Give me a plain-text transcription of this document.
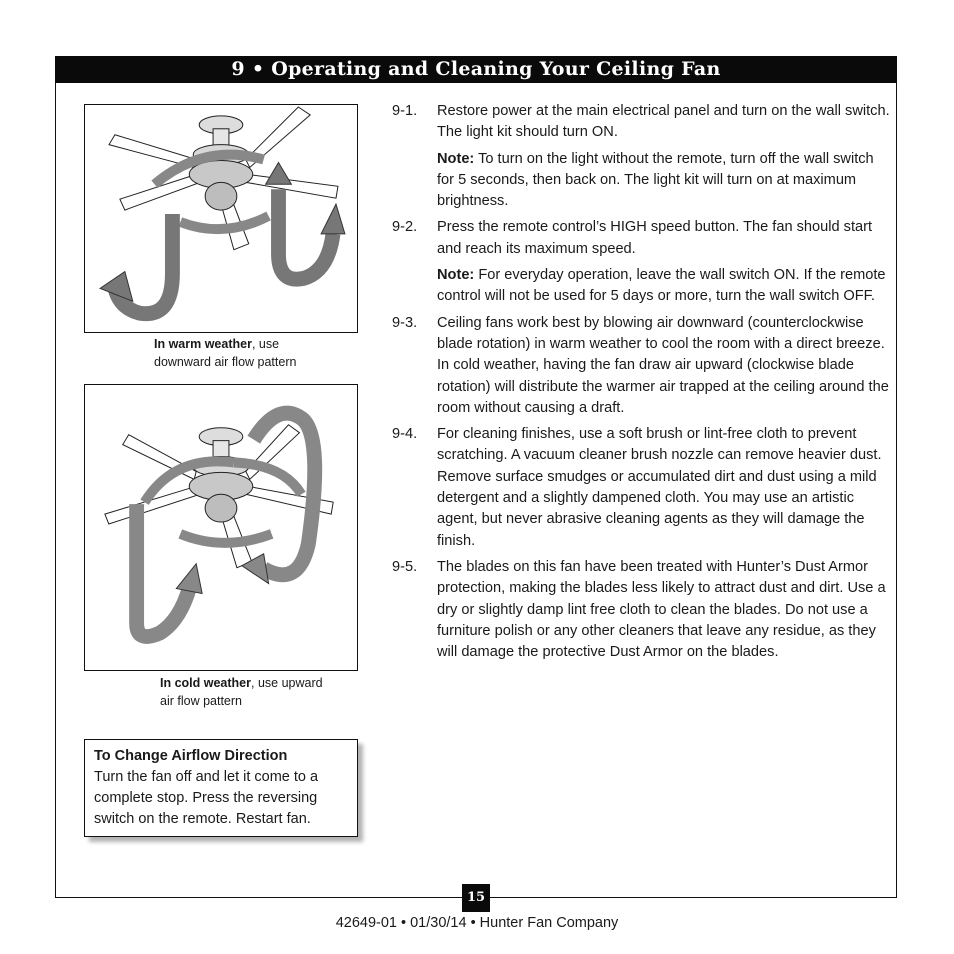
9 • Operating and Cleaning Your Ceiling Fan
In warm weather, use
downward air flow pattern
In cold weather, use upward
air flow pattern
To Change Airflow Direction
Turn the fan off and let it come to a complete stop. Press the reversing switch on the remote. Restart fan.
9-1.	Restore power at the main electrical panel and turn on the wall switch. The light kit should turn ON.
Note: To turn on the light without the remote, turn off the wall switch for 5 seconds, then back on. The light kit will turn on at maximum brightness.
9-2.	Press the remote control’s HIGH speed button. The fan should start and reach its maximum speed.
Note: For everyday operation, leave the wall switch ON. If the remote control will not be used for 5 days or more, turn the wall switch OFF.
9-3.	Ceiling fans work best by blowing air downward (counterclockwise blade rotation) in warm weather to cool the room with a direct breeze. In cold weather, having the fan draw air upward (clockwise blade rotation) will distribute the warmer air trapped at the ceiling around the room without causing a draft.
9-4.	For cleaning finishes, use a soft brush or lint-free cloth to prevent scratching. A vacuum cleaner brush nozzle can remove heavier dust. Remove surface smudges or accumulated dirt and dust using a mild detergent and a slightly dampened cloth. You may use an artistic agent, but never abrasive cleaning agents as they will damage the finish.
9-5.	The blades on this fan have been treated with Hunter’s Dust Armor protection, making the blades less likely to attract dust and dirt. Use a dry or slightly damp lint free cloth to clean the blades. Do not use a furniture polish or any other cleaners that leave any residue, as they will damage the protective Dust Armor on the blades.
15
42649-01 • 01/30/14 • Hunter Fan Company
